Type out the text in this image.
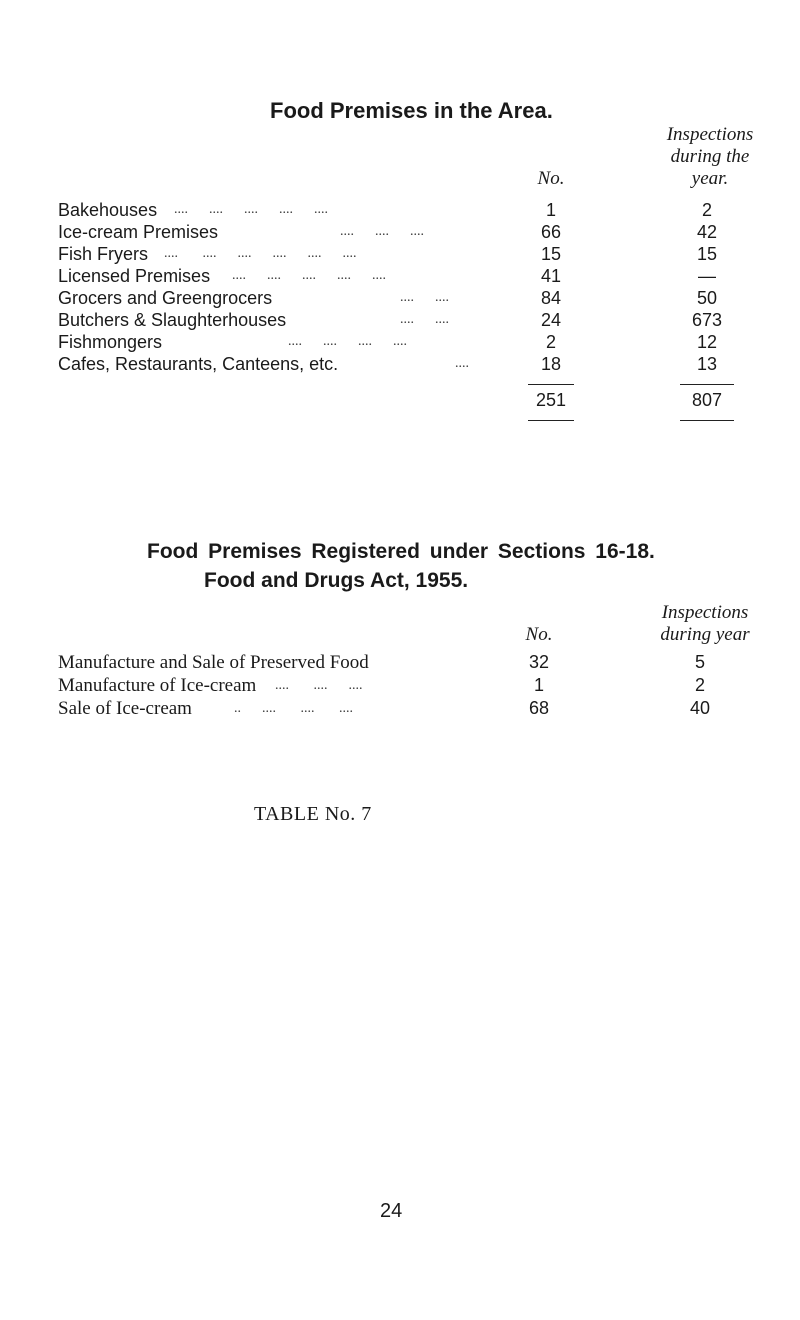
Food Premises in the Area.
No.
Inspections
during the
year.
Bakehouses ....      ....      ....      ....      ....	1	2
Ice-cream Premises	....      ....      ....	66	42
Fish Fryers ....       ....      ....      ....      ....      ....	15	15
Licensed Premises ....      ....      ....      ....      ....	41	—
Grocers and Greengrocers	....      ....	84	50
Butchers & Slaughterhouses	....      ....	24	673
Fishmongers	....      ....      ....      ....	2	12
Cafes, Restaurants, Canteens, etc.	....	18	13
251	807
Food Premises Registered under Sections 16-18.
Food and Drugs Act, 1955.
No.
Inspections
during year
Manufacture and Sale of Preserved Food	32	5
Manufacture of Ice-cream ....       ....      ....	1	2
Sale of Ice-cream	..      ....       ....       ....	68	40
TABLE No. 7
24
